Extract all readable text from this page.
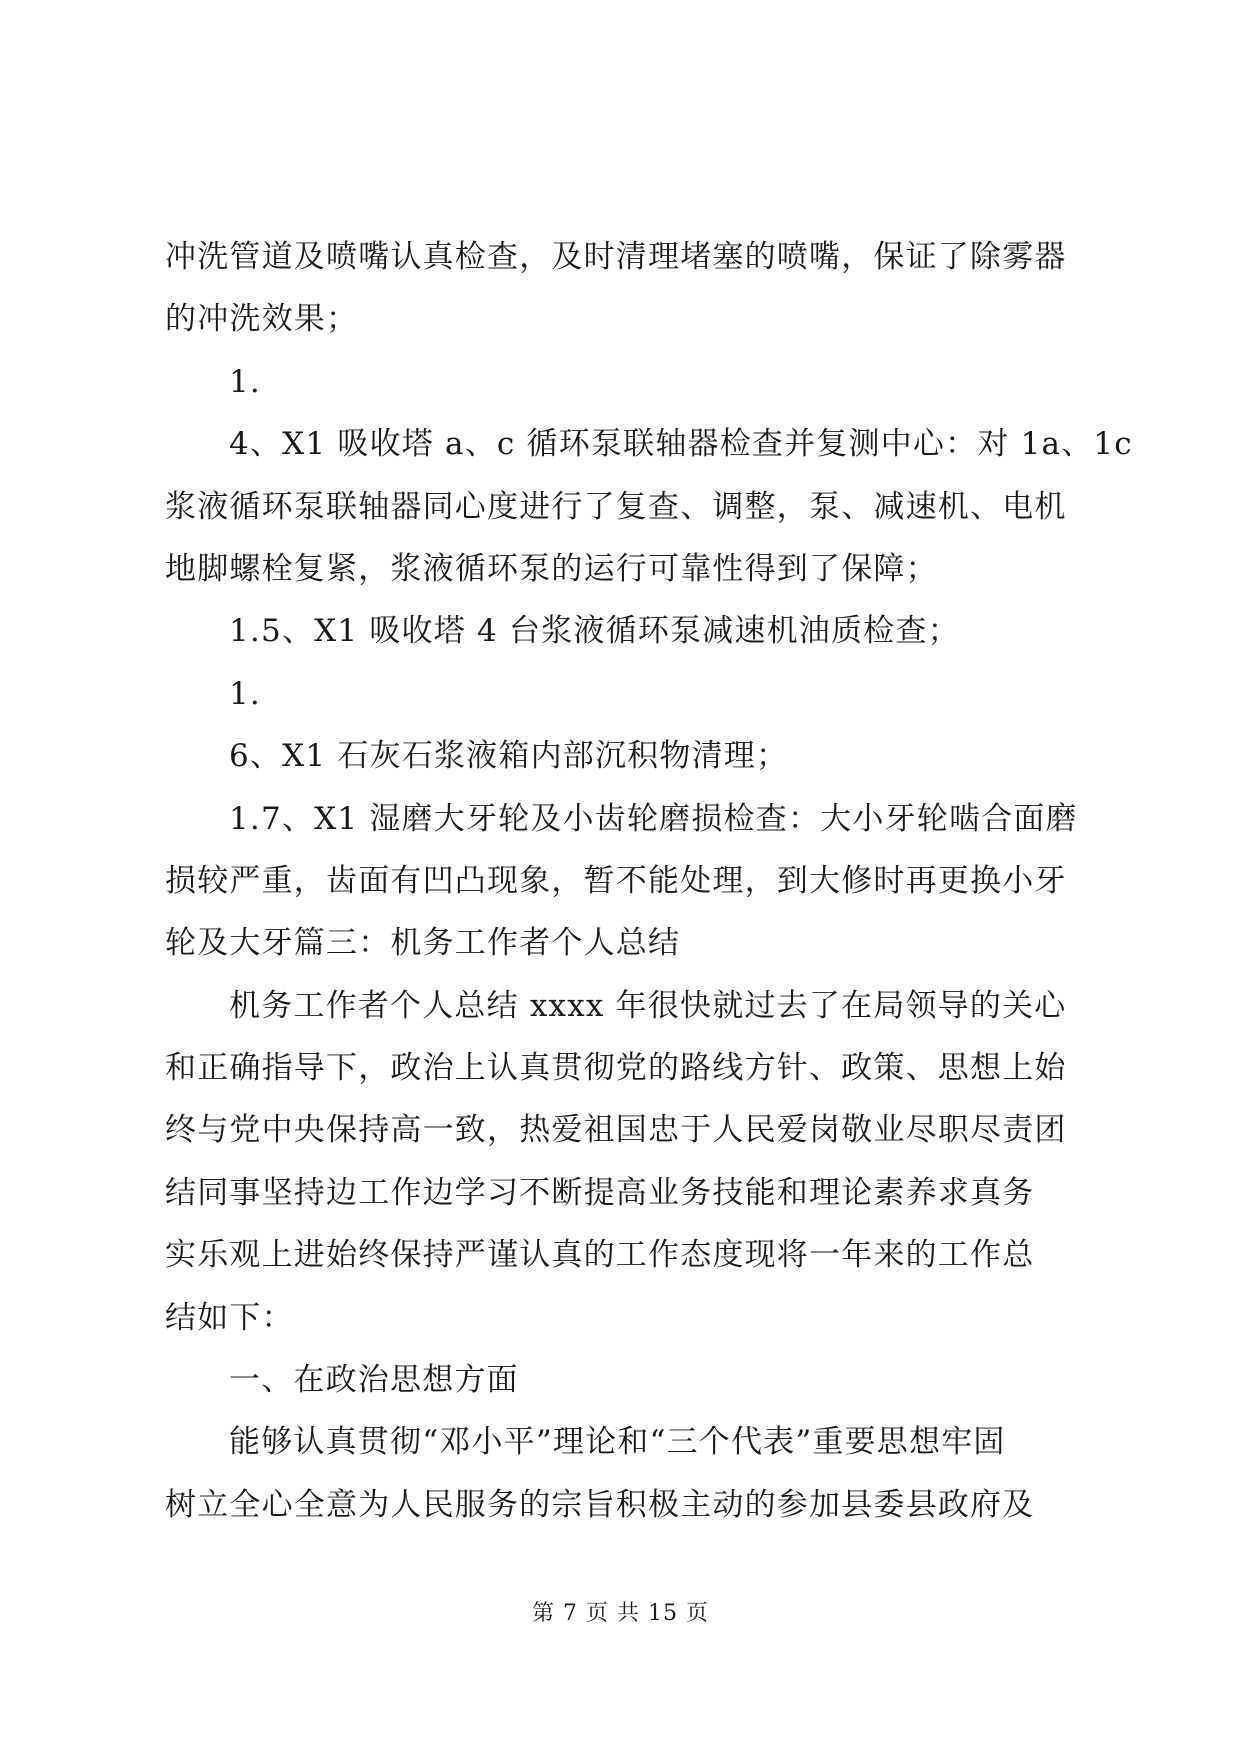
冲洗管道及喷嘴认真检查，及时清理堵塞的喷嘴，保证了除雾器
的冲洗效果；
1.
4、X1 吸收塔 a、c 循环泵联轴器检查并复测中心：对 1a、1c
浆液循环泵联轴器同心度进行了复查、调整，泵、减速机、电机
地脚螺栓复紧，浆液循环泵的运行可靠性得到了保障；
1.5、X1 吸收塔 4 台浆液循环泵减速机油质检查；
1.
6、X1 石灰石浆液箱内部沉积物清理；
1.7、X1 湿磨大牙轮及小齿轮磨损检查：大小牙轮啮合面磨
损较严重，齿面有凹凸现象，暂不能处理，到大修时再更换小牙
轮及大牙篇三：机务工作者个人总结
机务工作者个人总结 xxxx 年很快就过去了在局领导的关心
和正确指导下，政治上认真贯彻党的路线方针、政策、思想上始
终与党中央保持高一致，热爱祖国忠于人民爱岗敬业尽职尽责团
结同事坚持边工作边学习不断提高业务技能和理论素养求真务
实乐观上进始终保持严谨认真的工作态度现将一年来的工作总
结如下：
一、在政治思想方面
能够认真贯彻“邓小平”理论和“三个代表”重要思想牢固
树立全心全意为人民服务的宗旨积极主动的参加县委县政府及
第 7 页 共 15 页
